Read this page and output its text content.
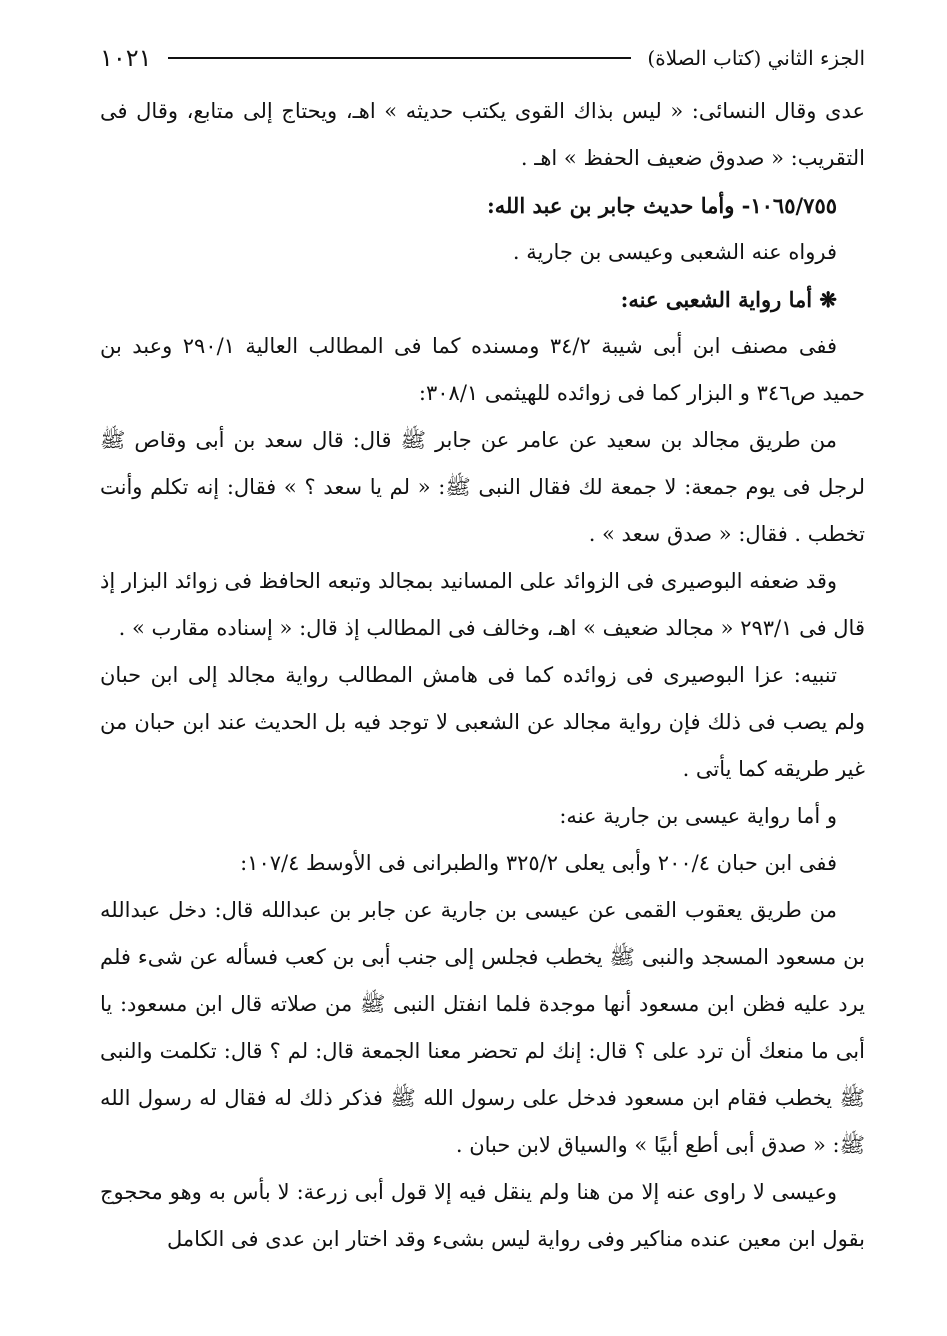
الجزء الثاني (كتاب الصلاة)
١٠٢١

عدى وقال النسائى: « ليس بذاك القوى يكتب حديثه » اهـ، ويحتاج إلى متابع، وقال فى التقريب: « صدوق ضعيف الحفظ » اهـ .

١٠٦٥/٧٥٥- وأما حديث جابر بن عبد الله:

فرواه عنه الشعبى وعيسى بن جارية .

❋ أما رواية الشعبى عنه:

ففى مصنف ابن أبى شيبة ٣٤/٢ ومسنده كما فى المطالب العالية ٢٩٠/١ وعبد بن حميد ص٣٤٦ و البزار كما فى زوائده للهيثمى ٣٠٨/١:

من طريق مجالد بن سعيد عن عامر عن جابر ﷺ قال: قال سعد بن أبى وقاص ﷺ لرجل فى يوم جمعة: لا جمعة لك فقال النبى ﷺ: « لم يا سعد ؟ » فقال: إنه تكلم وأنت تخطب . فقال: « صدق سعد » .

وقد ضعفه البوصيرى فى الزوائد على المسانيد بمجالد وتبعه الحافظ فى زوائد البزار إذ قال فى ٢٩٣/١ « مجالد ضعيف » اهـ، وخالف فى المطالب إذ قال: « إسناده مقارب » .

تنبيه: عزا البوصيرى فى زوائده كما فى هامش المطالب رواية مجالد إلى ابن حبان ولم يصب فى ذلك فإن رواية مجالد عن الشعبى لا توجد فيه بل الحديث عند ابن حبان من غير طريقه كما يأتى .

و أما رواية عيسى بن جارية عنه:

ففى ابن حبان ٢٠٠/٤ وأبى يعلى ٣٢٥/٢ والطبرانى فى الأوسط ١٠٧/٤:

من طريق يعقوب القمى عن عيسى بن جارية عن جابر بن عبدالله قال: دخل عبدالله بن مسعود المسجد والنبى ﷺ يخطب فجلس إلى جنب أبى بن كعب فسأله عن شىء فلم يرد عليه فظن ابن مسعود أنها موجدة فلما انفتل النبى ﷺ من صلاته قال ابن مسعود: يا أبى ما منعك أن ترد على ؟ قال: إنك لم تحضر معنا الجمعة قال: لم ؟ قال: تكلمت والنبى ﷺ يخطب فقام ابن مسعود فدخل على رسول الله ﷺ فذكر ذلك له فقال له رسول الله ﷺ: « صدق أبى أطع أبيًا » والسياق لابن حبان .

وعيسى لا راوى عنه إلا من هنا ولم ينقل فيه إلا قول أبى زرعة: لا بأس به وهو محجوج بقول ابن معين عنده مناكير وفى رواية ليس بشىء وقد اختار ابن عدى فى الكامل
